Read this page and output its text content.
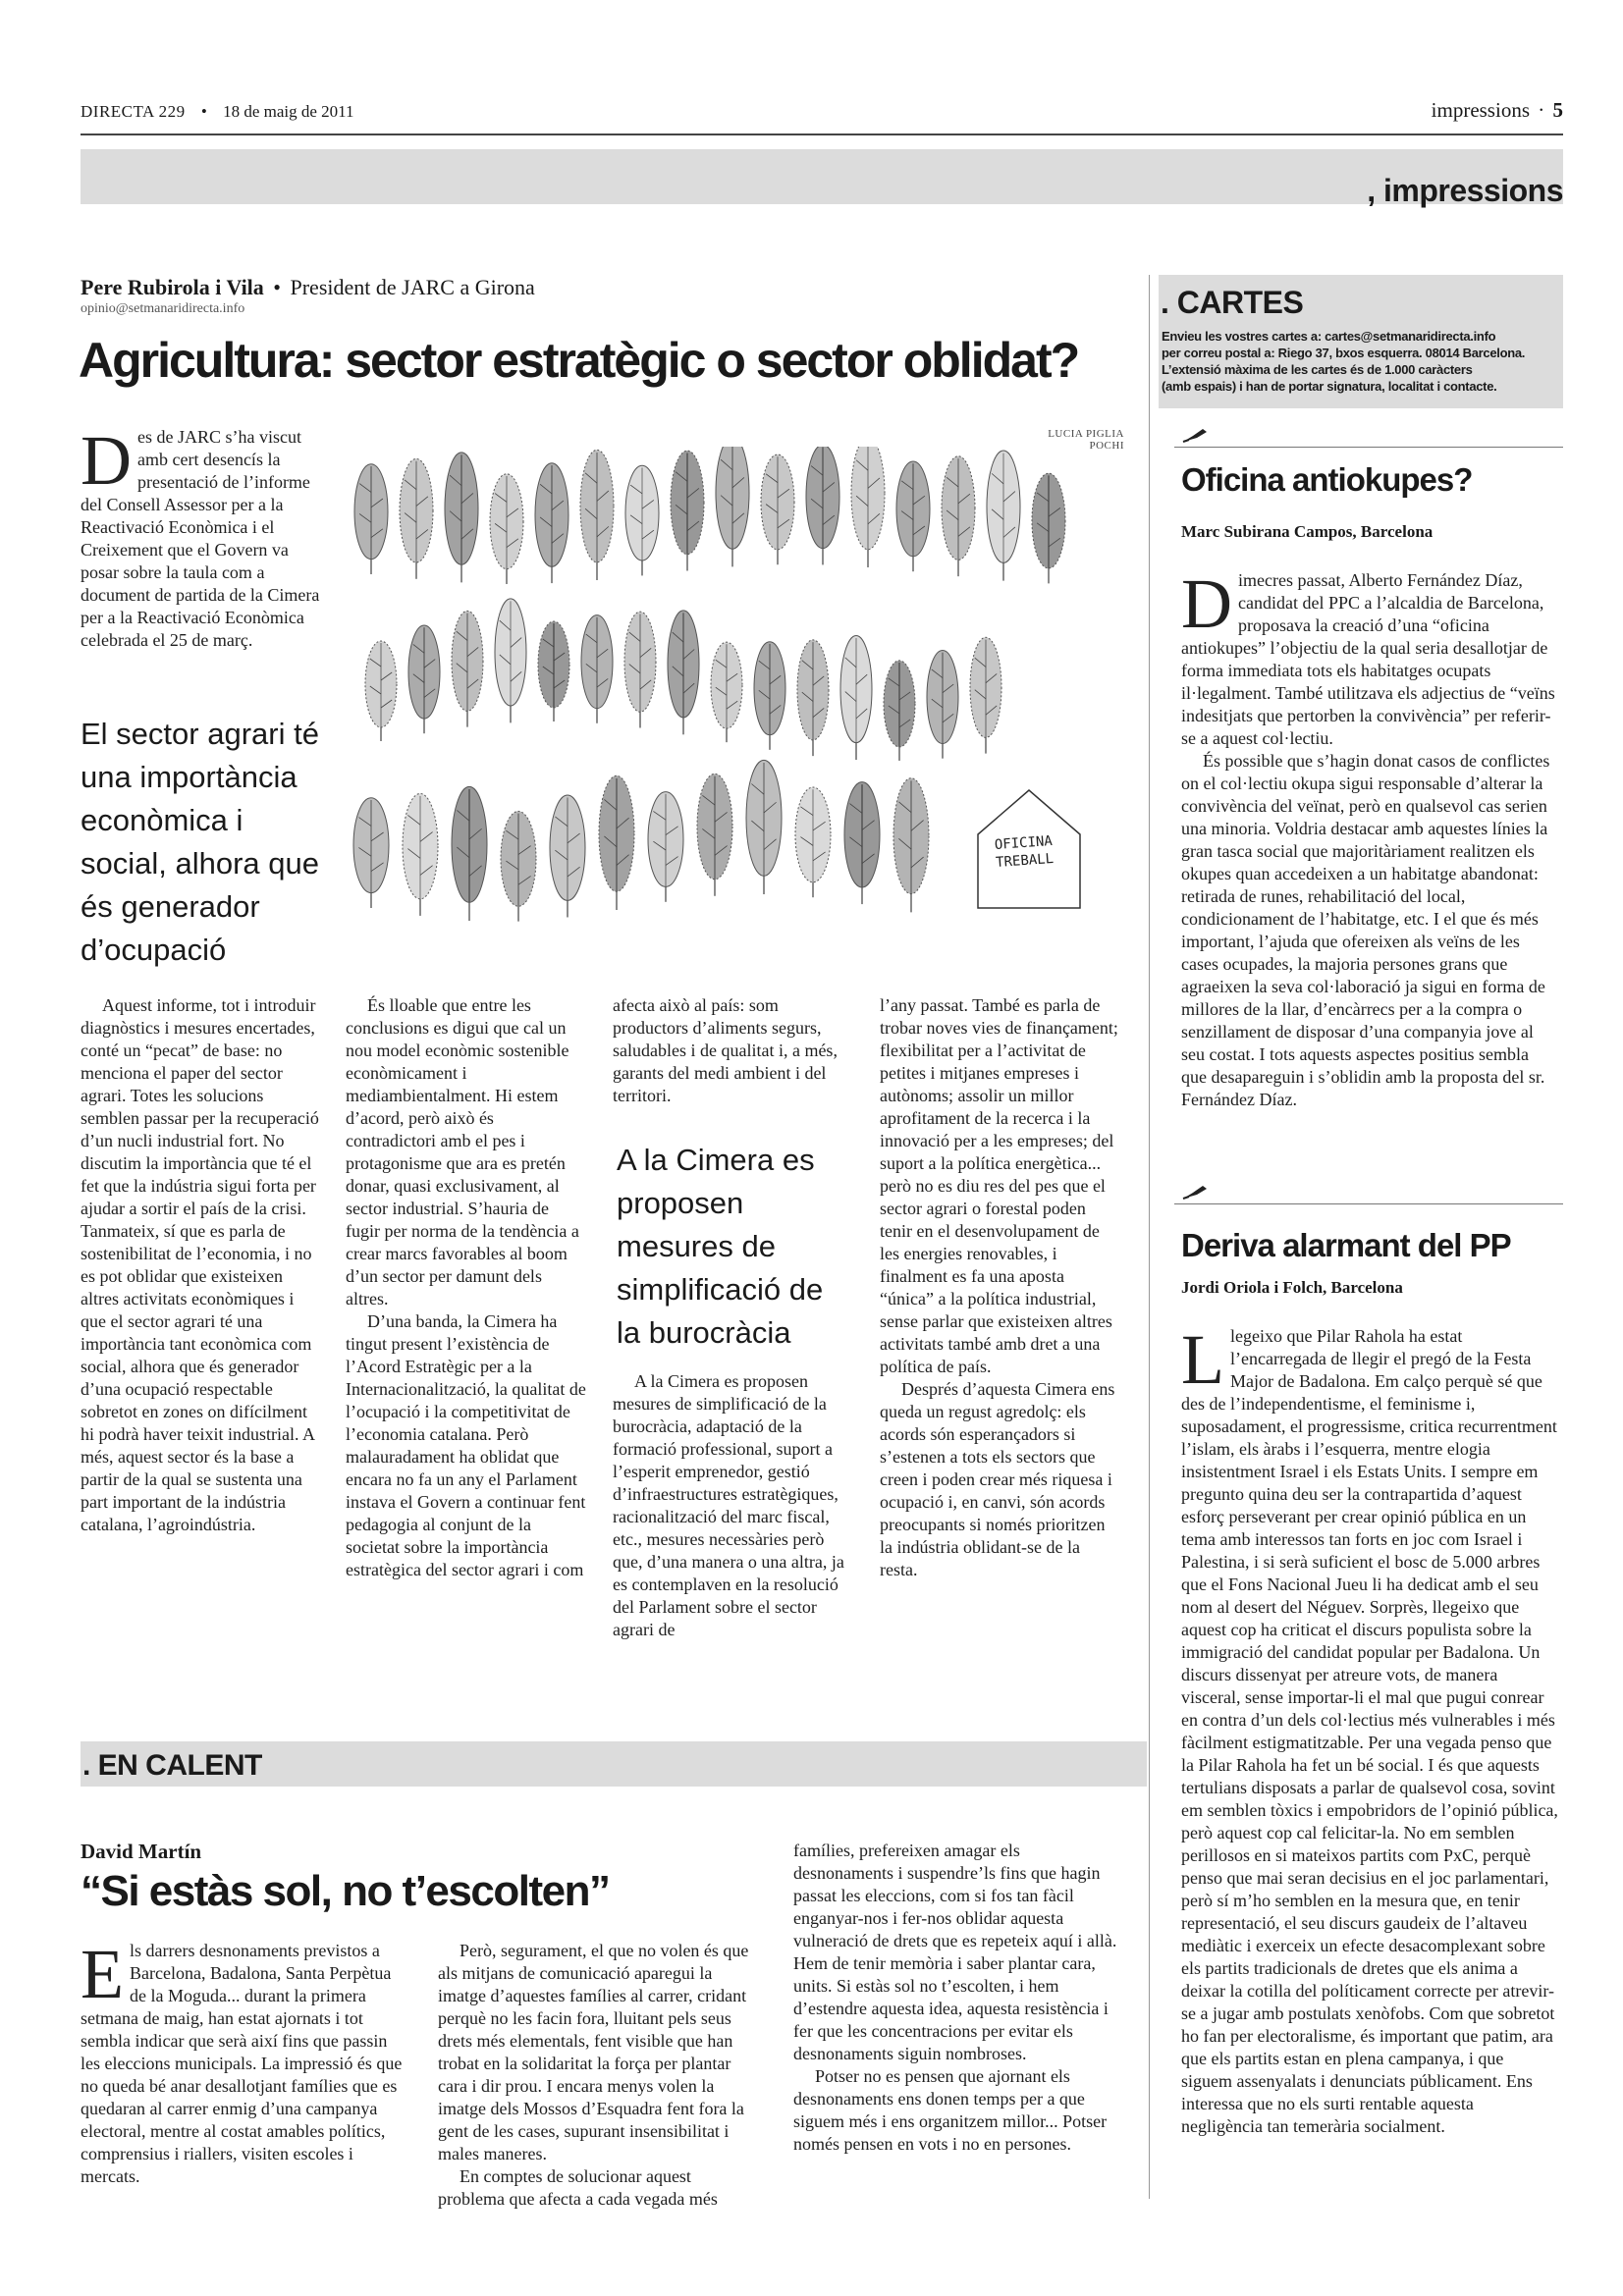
DIRECTA 229 • 18 de maig de 2011	impressions · 5
, impressions
Pere Rubirola i Vila • President de JARC a Girona
opinio@setmanaridirecta.info
Agricultura: sector estratègic o sector oblidat?
Des de JARC s’ha viscut amb cert desencís la presentació de l’informe del Consell Assessor per a la Reactivació Econòmica i el Creixement que el Govern va posar sobre la taula com a document de partida de la Cimera per a la Reactivació Econòmica celebrada el 25 de març.
El sector agrari té una importància econòmica i social, alhora que és generador d’ocupació
LUCIA PIGLIA POCHI
OFICINA TREBALL

Aquest informe, tot i introduir diagnòstics i mesures encertades, conté un “pecat” de base: no menciona el paper del sector agrari. Totes les solucions semblen passar per la recuperació d’un nucli industrial fort. No discutim la importància que té el fet que la indústria sigui forta per ajudar a sortir el país de la crisi. Tanmateix, sí que es parla de sostenibilitat de l’economia, i no es pot oblidar que existeixen altres activitats econòmiques i que el sector agrari té una importància tant econòmica com social, alhora que és generador d’una ocupació respectable sobretot en zones on difícilment hi podrà haver teixit industrial. A més, aquest sector és la base a partir de la qual se sustenta una part important de la indústria catalana, l’agroindústria.

És lloable que entre les conclusions es digui que cal un nou model econòmic sostenible econòmicament i mediambientalment. Hi estem d’acord, però això és contradictori amb el pes i protagonisme que ara es pretén donar, quasi exclusivament, al sector industrial. S’hauria de fugir per norma de la tendència a crear marcs favorables al boom d’un sector per damunt dels altres.

D’una banda, la Cimera ha tingut present l’existència de l’Acord Estratègic per a la Internacionalització, la qualitat de l’ocupació i la competitivitat de l’economia catalana. Però malauradament ha oblidat que encara no fa un any el Parlament instava el Govern a continuar fent pedagogia al conjunt de la societat sobre la importància estratègica del sector agrari i com

afecta això al país: som productors d’aliments segurs, saludables i de qualitat i, a més, garants del medi ambient i del territori.

A la Cimera es proposen mesures de simplificació de la burocràcia

A la Cimera es proposen mesures de simplificació de la burocràcia, adaptació de la formació professional, suport a l’esperit emprenedor, gestió d’infraestructures estratègiques, racionalització del marc fiscal, etc., mesures necessàries però que, d’una manera o una altra, ja es contemplaven en la resolució del Parlament sobre el sector agrari de

l’any passat. També es parla de trobar noves vies de finançament; flexibilitat per a l’activitat de petites i mitjanes empreses i autònoms; assolir un millor aprofitament de la recerca i la innovació per a les empreses; del suport a la política energètica... però no es diu res del pes que el sector agrari o forestal poden tenir en el desenvolupament de les energies renovables, i finalment es fa una aposta “única” a la política industrial, sense parlar que existeixen altres activitats també amb dret a una política de país.

Després d’aquesta Cimera ens queda un regust agredolç: els acords són esperançadors si s’estenen a tots els sectors que creen i poden crear més riquesa i ocupació i, en canvi, són acords preocupants si només prioritzen la indústria oblidant-se de la resta.

. EN CALENT
David Martín
“Si estàs sol, no t’escolten”
Els darrers desnonaments previstos a Barcelona, Badalona, Santa Perpètua de la Moguda... durant la primera setmana de maig, han estat ajornats i tot sembla indicar que serà així fins que passin les eleccions municipals. La impressió és que no queda bé anar desallotjant famílies que es quedaran al carrer enmig d’una campanya electoral, mentre al costat amables polítics, comprensius i riallers, visiten escoles i mercats.

Però, segurament, el que no volen és que als mitjans de comunicació aparegui la imatge d’aquestes famílies al carrer, cridant perquè no les facin fora, lluitant pels seus drets més elementals, fent visible que han trobat en la solidaritat la força per plantar cara i dir prou. I encara menys volen la imatge dels Mossos d’Esquadra fent fora la gent de les cases, supurant insensibilitat i males maneres.

En comptes de solucionar aquest problema que afecta a cada vegada més

famílies, prefereixen amagar els desnonaments i suspendre’ls fins que hagin passat les eleccions, com si fos tan fàcil enganyar-nos i fer-nos oblidar aquesta vulneració de drets que es repeteix aquí i allà. Hem de tenir memòria i saber plantar cara, units. Si estàs sol no t’escolten, i hem d’estendre aquesta idea, aquesta resistència i fer que les concentracions per evitar els desnonaments siguin nombroses.

Potser no es pensen que ajornant els desnonaments ens donen temps per a que siguem més i ens organitzem millor... Potser només pensen en vots i no en persones.

. CARTES
Envieu les vostres cartes a: cartes@setmanaridirecta.info
per correu postal a: Riego 37, bxos esquerra. 08014 Barcelona.
L’extensió màxima de les cartes és de 1.000 caràcters
(amb espais) i han de portar signatura, localitat i contacte.
Oficina antiokupes?
Marc Subirana Campos, Barcelona
Dimecres passat, Alberto Fernández Díaz, candidat del PPC a l’alcaldia de Barcelona, proposava la creació d’una “oficina antiokupes” l’objectiu de la qual seria desallotjar de forma immediata tots els habitatges ocupats il·legalment. També utilitzava els adjectius de “veïns indesitjats que pertorben la convivència” per referir-se a aquest col·lectiu.

És possible que s’hagin donat casos de conflictes on el col·lectiu okupa sigui responsable d’alterar la convivència del veïnat, però en qualsevol cas serien una minoria. Voldria destacar amb aquestes línies la gran tasca social que majoritàriament realitzen els okupes quan accedeixen a un habitatge abandonat: retirada de runes, rehabilitació del local, condicionament de l’habitatge, etc. I el que és més important, l’ajuda que ofereixen als veïns de les cases ocupades, la majoria persones grans que agraeixen la seva col·laboració ja sigui en forma de millores de la llar, d’encàrrecs per a la compra o senzillament de disposar d’una companyia jove al seu costat. I tots aquests aspectes positius sembla que desapareguin i s’oblidin amb la proposta del sr. Fernández Díaz.

Deriva alarmant del PP
Jordi Oriola i Folch, Barcelona
Llegeixo que Pilar Rahola ha estat l’encarregada de llegir el pregó de la Festa Major de Badalona. Em calço perquè sé que des de l’independentisme, el feminisme i, suposadament, el progressisme, critica recurrentment l’islam, els àrabs i l’esquerra, mentre elogia insistentment Israel i els Estats Units. I sempre em pregunto quina deu ser la contrapartida d’aquest esforç perseverant per crear opinió pública en un tema amb interessos tan forts en joc com Israel i Palestina, i si serà suficient el bosc de 5.000 arbres que el Fons Nacional Jueu li ha dedicat amb el seu nom al desert del Néguev. Sorprès, llegeixo que aquest cop ha criticat el discurs populista sobre la immigració del candidat popular per Badalona. Un discurs dissenyat per atreure vots, de manera visceral, sense importar-li el mal que pugui conrear en contra d’un dels col·lectius més vulnerables i més fàcilment estigmatitzable. Per una vegada penso que la Pilar Rahola ha fet un bé social. I és que aquests tertulians disposats a parlar de qualsevol cosa, sovint em semblen tòxics i empobridors de l’opinió pública, però aquest cop cal felicitar-la. No em semblen perillosos en si mateixos partits com PxC, perquè penso que mai seran decisius en el joc parlamentari, però sí m’ho semblen en la mesura que, en tenir representació, el seu discurs gaudeix de l’altaveu mediàtic i exerceix un efecte desacomplexant sobre els partits tradicionals de dretes que els anima a deixar la cotilla del políticament correcte per atrevir-se a jugar amb postulats xenòfobs. Com que sobretot ho fan per electoralisme, és important que patim, ara que els partits estan en plena campanya, i que siguem assenyalats i denunciats públicament. Ens interessa que no els surti rentable aquesta negligència tan temerària socialment.
